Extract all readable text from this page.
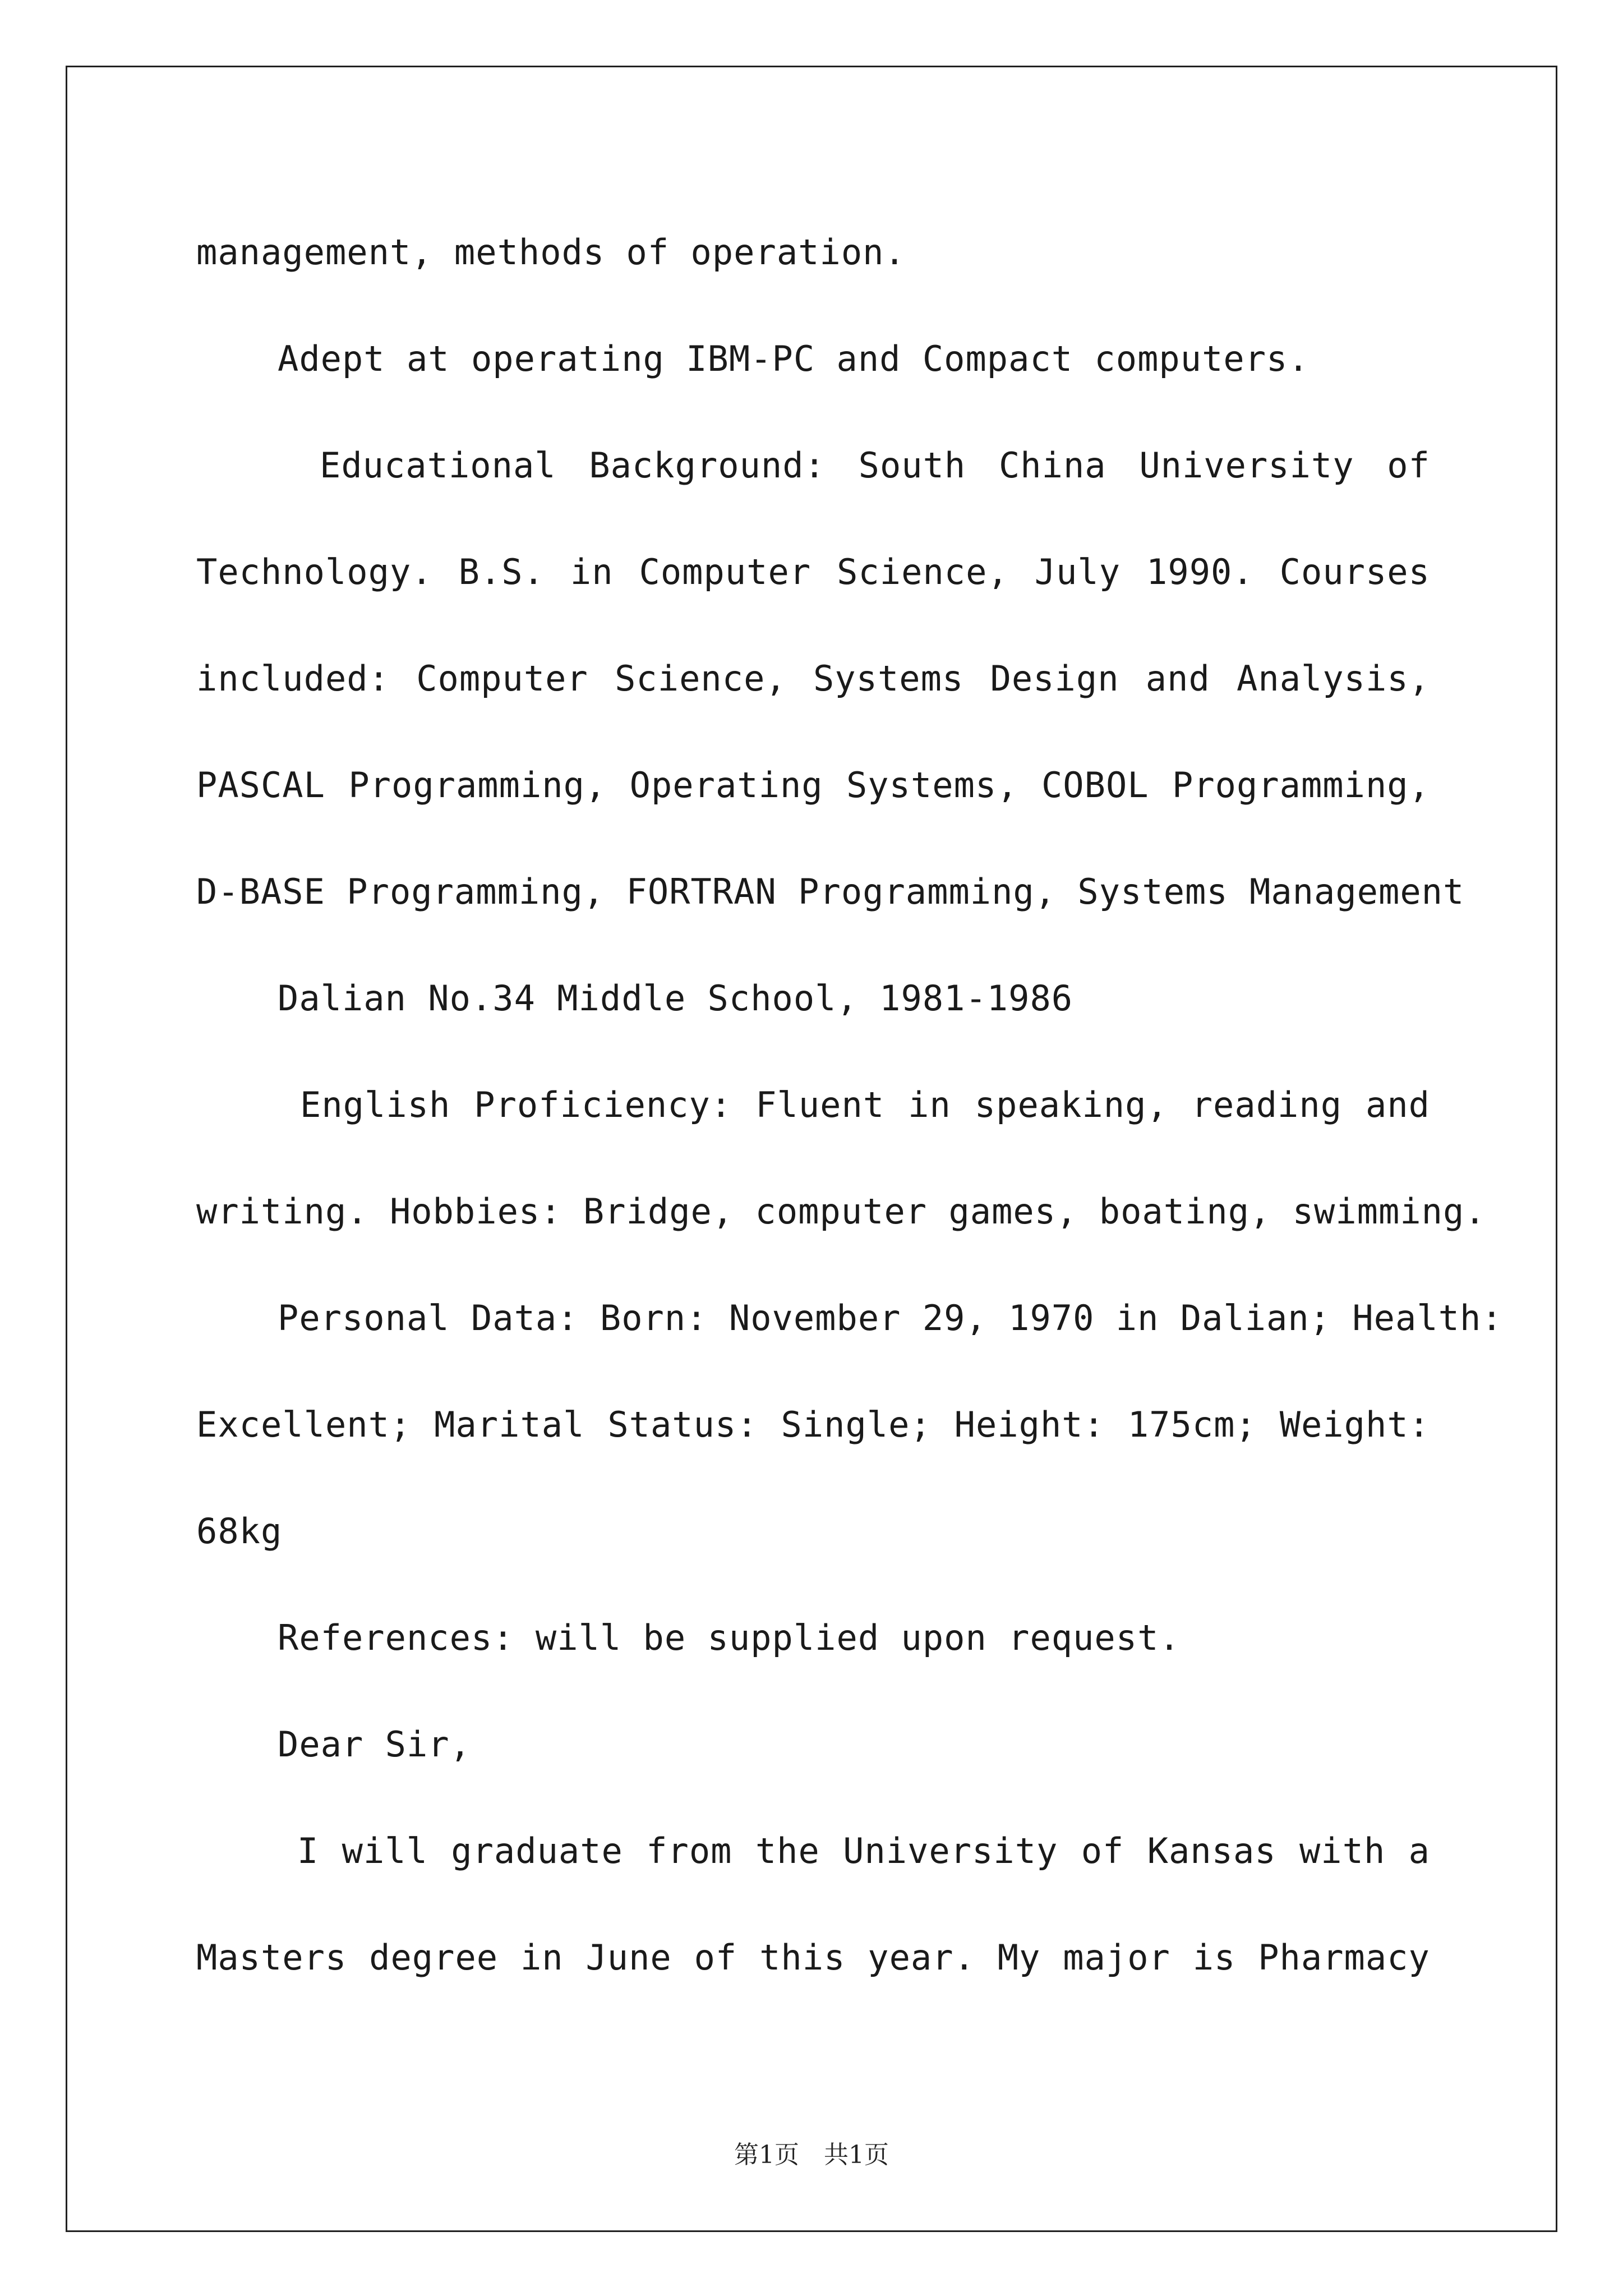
management, methods of operation.
Adept at operating IBM-PC and Compact computers.
Educational Background: South China University of
Technology. B.S. in Computer Science, July 1990. Courses
included: Computer Science, Systems Design and Analysis,
PASCAL Programming, Operating Systems, COBOL Programming,
D-BASE Programming, FORTRAN Programming, Systems Management
Dalian No.34 Middle School, 1981-1986
English Proficiency: Fluent in speaking, reading and
writing. Hobbies: Bridge, computer games, boating, swimming.
Personal Data: Born: November 29, 1970 in Dalian; Health:
Excellent; Marital Status: Single; Height: 175cm; Weight:
68kg
References: will be supplied upon request.
Dear Sir,
I will graduate from the University of Kansas with a
Masters degree in June of this year. My major is Pharmacy
第1页　共1页
